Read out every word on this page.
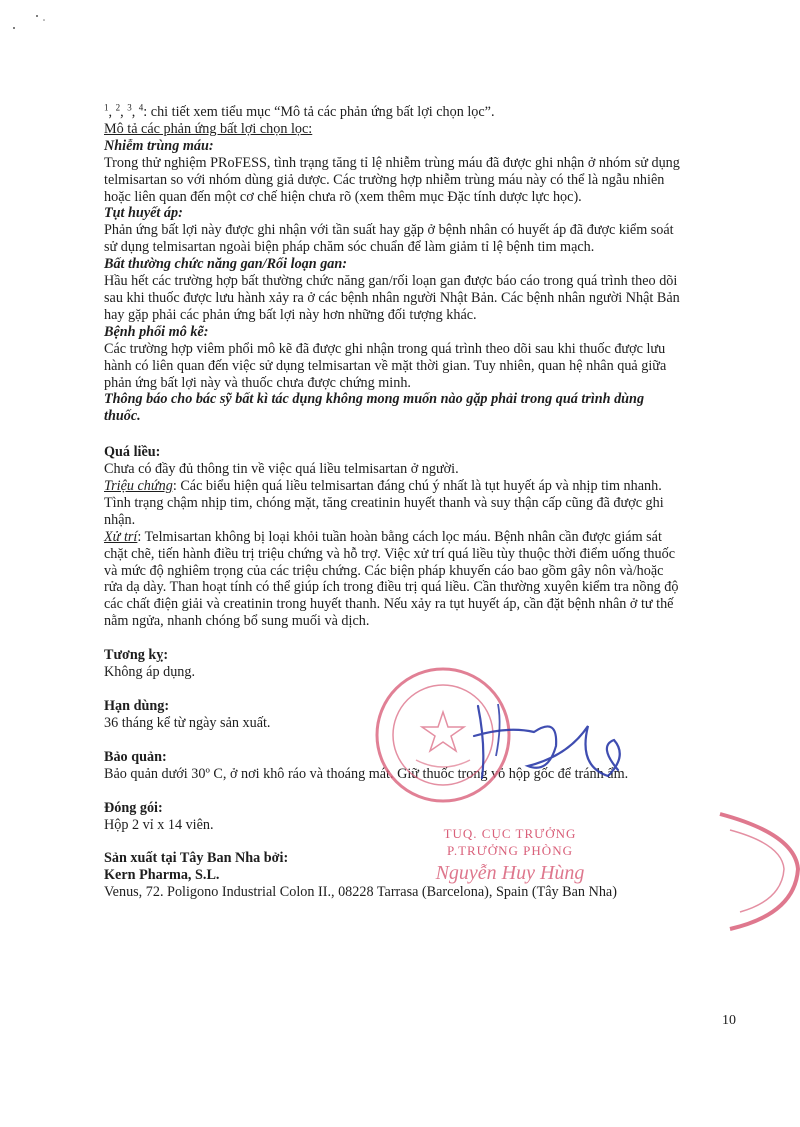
$^1$, $^2$, $^3$, $^4$: chi tiết xem tiểu mục “Mô tả các phản ứng bất lợi chọn lọc”.

Mô tả các phản ứng bất lợi chọn lọc:

Nhiễm trùng máu:

Trong thử nghiệm PRoFESS, tình trạng tăng tỉ lệ nhiễm trùng máu đã được ghi nhận ở nhóm sử dụng

telmisartan so với nhóm dùng giả dược. Các trường hợp nhiễm trùng máu này có thể là ngẫu nhiên

hoặc liên quan đến một cơ chế hiện chưa rõ (xem thêm mục Đặc tính dược lực học).

Tụt huyết áp:

Phản ứng bất lợi này được ghi nhận với tần suất hay gặp ở bệnh nhân có huyết áp đã được kiểm soát

sử dụng telmisartan ngoài biện pháp chăm sóc chuẩn để làm giảm tỉ lệ bệnh tim mạch.

Bất thường chức năng gan/Rối loạn gan:

Hầu hết các trường hợp bất thường chức năng gan/rối loạn gan được báo cáo trong quá trình theo dõi

sau khi thuốc được lưu hành xảy ra ở các bệnh nhân người Nhật Bản. Các bệnh nhân người Nhật Bản

hay gặp phải các phản ứng bất lợi này hơn những đối tượng khác.

Bệnh phổi mô kẽ:

Các trường hợp viêm phổi mô kẽ đã được ghi nhận trong quá trình theo dõi sau khi thuốc được lưu

hành có liên quan đến việc sử dụng telmisartan về mặt thời gian. Tuy nhiên, quan hệ nhân quả giữa

phản ứng bất lợi này và thuốc chưa được chứng minh.

Thông báo cho bác sỹ bất kì tác dụng không mong muốn nào gặp phải trong quá trình dùng

thuốc.

Quá liều:

Chưa có đầy đủ thông tin về việc quá liều telmisartan ở người.

Triệu chứng: Các biểu hiện quá liều telmisartan đáng chú ý nhất là tụt huyết áp và nhịp tim nhanh.

Tình trạng chậm nhịp tim, chóng mặt, tăng creatinin huyết thanh và suy thận cấp cũng đã được ghi

nhận.

Xử trí: Telmisartan không bị loại khỏi tuần hoàn bằng cách lọc máu. Bệnh nhân cần được giám sát

chặt chẽ, tiến hành điều trị triệu chứng và hỗ trợ. Việc xử trí quá liều tùy thuộc thời điểm uống thuốc

và mức độ nghiêm trọng của các triệu chứng. Các biện pháp khuyến cáo bao gồm gây nôn và/hoặc

rửa dạ dày. Than hoạt tính có thể giúp ích trong điều trị quá liều. Cần thường xuyên kiểm tra nồng độ

các chất điện giải và creatinin trong huyết thanh. Nếu xảy ra tụt huyết áp, cần đặt bệnh nhân ở tư thế

nằm ngửa, nhanh chóng bổ sung muối và dịch.

Tương kỵ:

Không áp dụng.

Hạn dùng:

36 tháng kể từ ngày sản xuất.

Bảo quản:

Bảo quản dưới 30º C, ở nơi khô ráo và thoáng mát. Giữ thuốc trong vỏ hộp gốc để tránh ẩm.

Đóng gói:

Hộp 2 vỉ x 14 viên.

Sản xuất tại Tây Ban Nha bởi:

Kern Pharma, S.L.

Venus, 72. Poligono Industrial Colon II., 08228 Tarrasa (Barcelona), Spain (Tây Ban Nha)

TUQ. CỤC TRƯỞNG
P.TRƯỞNG PHÒNG
Nguyễn Huy Hùng
10
